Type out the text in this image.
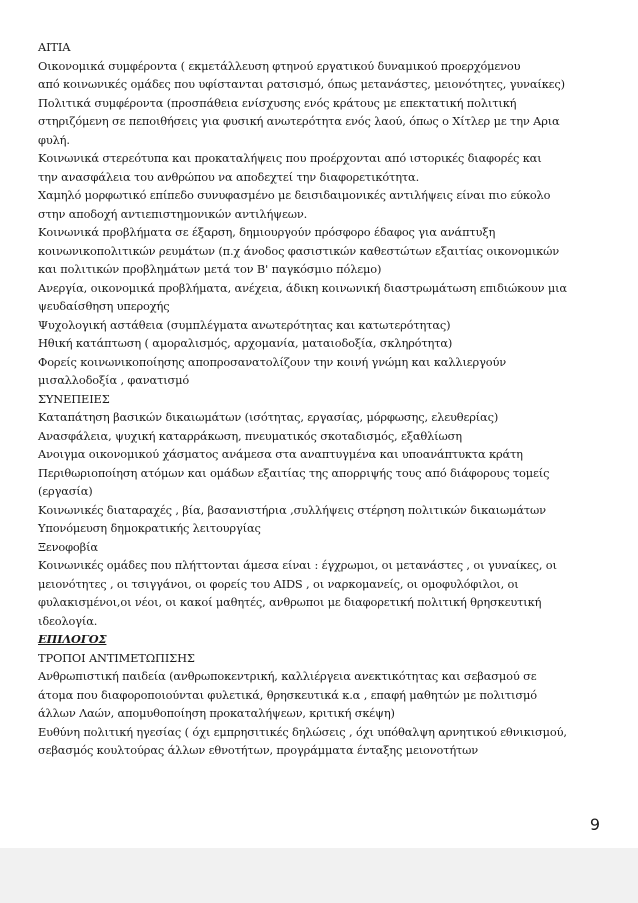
ΑΙΤΙΑ
Οικονομικά συμφέροντα ( εκμετάλλευση φτηνού εργατικού δυναμικού προερχόμενου
από κοινωνικές ομάδες που υφίστανται ρατσισμό, όπως μετανάστες, μειονότητες, γυναίκες)
Πολιτικά συμφέροντα (προσπάθεια ενίσχυσης ενός κράτους με επεκτατική πολιτική
στηριζόμενη σε πεποιθήσεις για φυσική ανωτερότητα ενός λαού, όπως ο Χίτλερ με την Αρια
φυλή.
Κοινωνικά στερεότυπα και προκαταλήψεις που προέρχονται από ιστορικές διαφορές και
την ανασφάλεια του ανθρώπου να αποδεχτεί την διαφορετικότητα.
Χαμηλό μορφωτικό επίπεδο συνυφασμένο με δεισιδαιμονικές αντιλήψεις είναι πιο εύκολο
στην αποδοχή αντιεπιστημονικών αντιλήψεων.
Κοινωνικά προβλήματα σε έξαρση, δημιουργούν πρόσφορο έδαφος για ανάπτυξη
κοινωνικοπολιτικών ρευμάτων (π.χ άνοδος φασιστικών καθεστώτων εξαιτίας οικονομικών
και πολιτικών προβλημάτων μετά τον Β' παγκόσμιο πόλεμο)
Ανεργία, οικονομικά προβλήματα, ανέχεια, άδικη κοινωνική διαστρωμάτωση επιδιώκουν μια
ψευδαίσθηση υπεροχής
Ψυχολογική αστάθεια (συμπλέγματα ανωτερότητας και κατωτερότητας)
Ηθική κατάπτωση ( αμοραλισμός, αρχομανία, ματαιοδοξία, σκληρότητα)
Φορείς κοινωνικοποίησης αποπροσανατολίζουν την κοινή γνώμη και καλλιεργούν
μισαλλοδοξία , φανατισμό
ΣΥΝΕΠΕΙΕΣ
Καταπάτηση βασικών δικαιωμάτων (ισότητας, εργασίας, μόρφωσης, ελευθερίας)
Ανασφάλεια, ψυχική καταρράκωση, πνευματικός σκοταδισμός, εξαθλίωση
Ανοιγμα οικονομικού χάσματος ανάμεσα στα αναπτυγμένα και υποανάπτυκτα κράτη
Περιθωριοποίηση ατόμων και ομάδων εξαιτίας της απορριψής τους από διάφορους τομείς
(εργασία)
Κοινωνικές διαταραχές , βία, βασανιστήρια ,συλλήψεις στέρηση πολιτικών δικαιωμάτων
Υπονόμευση δημοκρατικής λειτουργίας
Ξενοφοβία
Κοινωνικές ομάδες που πλήττονται άμεσα είναι : έγχρωμοι, οι μετανάστες , οι γυναίκες, οι
μειονότητες , οι τσιγγάνοι, οι φορείς του AIDS , οι ναρκομανείς, οι ομοφυλόφιλοι, οι
φυλακισμένοι,οι νέοι, οι κακοί μαθητές, ανθρωποι με διαφορετική πολιτική θρησκευτική
ιδεολογία.
ΕΠΙΛΟΓΟΣ
ΤΡΟΠΟΙ ΑΝΤΙΜΕΤΩΠΙΣΗΣ
Ανθρωπιστική παιδεία (ανθρωποκεντρική, καλλιέργεια ανεκτικότητας και σεβασμού σε
άτομα που διαφοροποιούνται φυλετικά, θρησκευτικά κ.α , επαφή μαθητών με πολιτισμό
άλλων Λαών, απομυθοποίηση προκαταλήψεων, κριτική σκέψη)
Ευθύνη πολιτική ηγεσίας ( όχι εμπρησιτικές δηλώσεις , όχι υπόθαλψη αρνητικού εθνικισμού,
σεβασμός κουλτούρας άλλων εθνοτήτων, προγράμματα ένταξης μειονοτήτων
9
